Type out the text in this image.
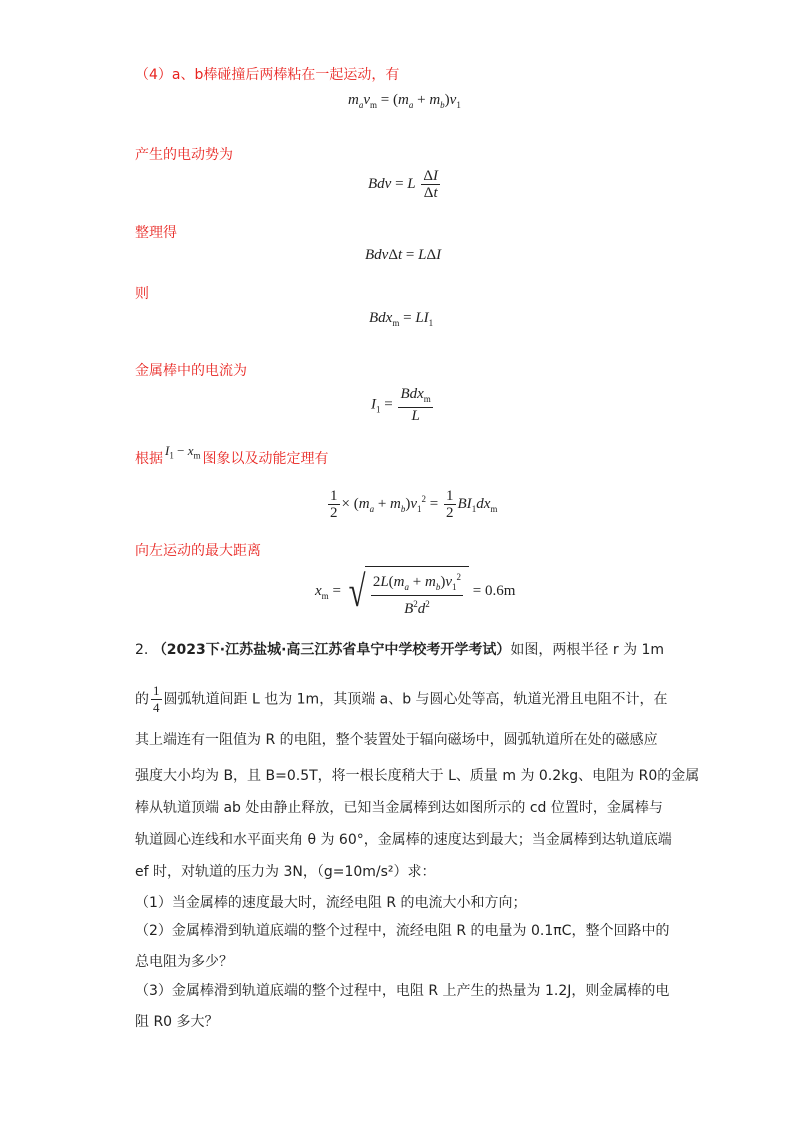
（4）a、b棒碰撞后两棒粘在一起运动，有
$m_av_m = (m_a + m_b)v_1$
产生的电动势为
Bdv = L $\frac{\Delta I}{\Delta t}$
整理得
BdvΔt = LΔI
则
$Bdx_m = LI_1$
金属棒中的电流为
$I_1 = \frac{Bdx_m}{L}$
根据$I_1 - x_m$ 图象以及动能定理有
$\frac{1}{2} \times (m_a + m_b)v_1^2 = \frac{1}{2} BI_1dx_m$
向左运动的最大距离
$x_m$ = √ $\frac{2L(m_a + m_b)v_1^2}{B^2d^2} = 0.6m$
2. （2023下·江苏盐城·高三江苏省阜宁中学校考开学考试）如图，两根半径 r 为 1m
的 $\frac{1}{4}$ 圆弧轨道间距 L 也为 1m，其顶端 a、b 与圆心处等高，轨道光滑且电阻不计，在
其上端连有一阻值为 R 的电阻，整个装置处于辐向磁场中，圆弧轨道所在处的磁感应
强度大小均为 B，且 B=0.5T，将一根长度稍大于 L、质量 m 为 0.2kg、电阻为 R0的金属
棒从轨道顶端 ab 处由静止释放，已知当金属棒到达如图所示的 cd 位置时，金属棒与
轨道圆心连线和水平面夹角 θ 为 60°，金属棒的速度达到最大；当金属棒到达轨道底端
ef 时，对轨道的压力为 3N，（g=10m/s²）求：
（1）当金属棒的速度最大时，流经电阻 R 的电流大小和方向；
（2）金属棒滑到轨道底端的整个过程中，流经电阻 R 的电量为 0.1πC，整个回路中的
总电阻为多少？
（3）金属棒滑到轨道底端的整个过程中，电阻 R 上产生的热量为 1.2J，则金属棒的电
阻 R0 多大？
